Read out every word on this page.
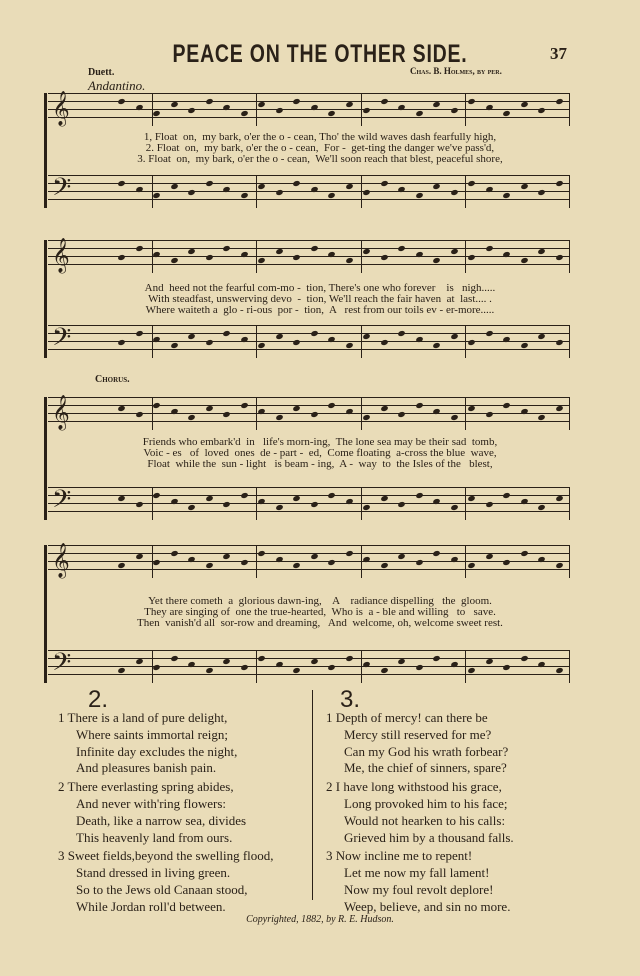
PEACE ON THE OTHER SIDE.	37
Duett.
Andantino.
Chas. B. Holmes, by per.
Chorus.
𝄞
𝄢
1, Float  on,  my bark, o'er the o - cean, Tho' the wild waves dash fearfully high,
2. Float  on,  my bark, o'er the o - cean,  For -  get-ting the danger we've pass'd,
3. Float  on,  my bark, o'er the o - cean,  We'll soon reach that blest, peaceful shore,
𝄞
𝄢
And  heed not the fearful com-mo -  tion, There's one who forever    is   nigh.....
With steadfast, unswerving devo  -  tion, We'll reach the fair haven  at  last.... .
Where waiteth a  glo - ri-ous  por -  tion,  A   rest from our toils ev - er-more.....
𝄞
𝄢
Friends who embark'd  in   life's morn-ing,  The lone sea may be their sad  tomb,
Voic - es   of  loved  ones  de - part -  ed,  Come floating  a-cross the blue  wave,
Float  while the  sun - light   is beam - ing,  A -  way  to  the Isles of the   blest,
𝄞
𝄢
Yet there cometh  a  glorious dawn-ing,    A    radiance dispelling   the  gloom.
They are singing of  one the true-hearted,  Who is  a - ble and willing   to   save.
Then  vanish'd all  sor-row and dreaming,   And  welcome, oh, welcome sweet rest.
2.
1 There is a land of pure delight,
Where saints immortal reign;
Infinite day excludes the night,
And pleasures banish pain.
2 There everlasting spring abides,
And never with'ring flowers:
Death, like a narrow sea, divides
This heavenly land from ours.
3 Sweet fields,beyond the swelling flood,
Stand dressed in living green.
So to the Jews old Canaan stood,
While Jordan roll'd between.
3.
1 Depth of mercy! can there be
Mercy still reserved for me?
Can my God his wrath forbear?
Me, the chief of sinners, spare?
2 I have long withstood his grace,
Long provoked him to his face;
Would not hearken to his calls:
Grieved him by a thousand falls.
3 Now incline me to repent!
Let me now my fall lament!
Now my foul revolt deplore!
Weep, believe, and sin no more.
Copyrighted, 1882, by R. E. Hudson.
